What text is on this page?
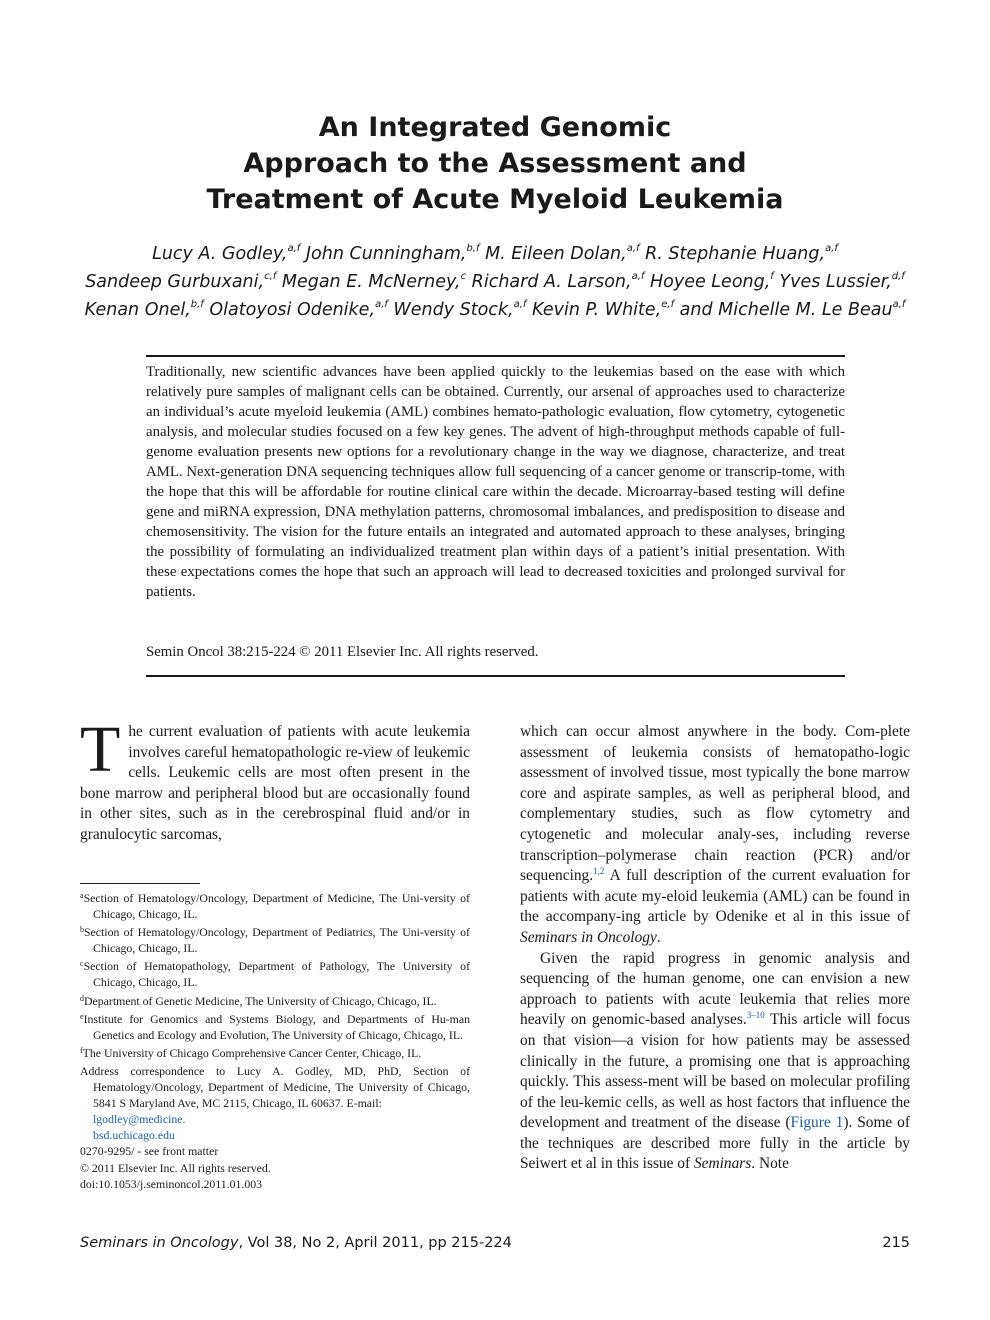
An Integrated Genomic
Approach to the Assessment and
Treatment of Acute Myeloid Leukemia
Lucy A. Godley,$^{a,f}$ John Cunningham,$^{b,f}$ M. Eileen Dolan,$^{a,f}$ R. Stephanie Huang,$^{a,f}$
Sandeep Gurbuxani,$^{c,f}$ Megan E. McNerney,$^c$ Richard A. Larson,$^{a,f}$ Hoyee Leong,$^f$ Yves Lussier,$^{d,f}$
Kenan Onel,$^{b,f}$ Olatoyosi Odenike,$^{a,f}$ Wendy Stock,$^{a,f}$ Kevin P. White,$^{e,f}$ and Michelle M. Le Beau$^{a,f}$
Traditionally, new scientific advances have been applied quickly to the leukemias based on the ease with which relatively pure samples of malignant cells can be obtained. Currently, our arsenal of approaches used to characterize an individual’s acute myeloid leukemia (AML) combines hemato-pathologic evaluation, flow cytometry, cytogenetic analysis, and molecular studies focused on a few key genes. The advent of high-throughput methods capable of full-genome evaluation presents new options for a revolutionary change in the way we diagnose, characterize, and treat AML. Next-generation DNA sequencing techniques allow full sequencing of a cancer genome or transcrip-tome, with the hope that this will be affordable for routine clinical care within the decade. Microarray-based testing will define gene and miRNA expression, DNA methylation patterns, chromosomal imbalances, and predisposition to disease and chemosensitivity. The vision for the future entails an integrated and automated approach to these analyses, bringing the possibility of formulating an individualized treatment plan within days of a patient’s initial presentation. With these expectations comes the hope that such an approach will lead to decreased toxicities and prolonged survival for patients.
Semin Oncol 38:215-224 © 2011 Elsevier Inc. All rights reserved.
The current evaluation of patients with acute leukemia involves careful hematopathologic re-view of leukemic cells. Leukemic cells are most often present in the bone marrow and peripheral blood but are occasionally found in other sites, such as in the cerebrospinal fluid and/or in granulocytic sarcomas,
$^a$Section of Hematology/Oncology, Department of Medicine, The Uni-versity of Chicago, Chicago, IL.
$^b$Section of Hematology/Oncology, Department of Pediatrics, The Uni-versity of Chicago, Chicago, IL.
$^c$Section of Hematopathology, Department of Pathology, The University of Chicago, Chicago, IL.
$^d$Department of Genetic Medicine, The University of Chicago, Chicago, IL.
$^e$Institute for Genomics and Systems Biology, and Departments of Hu-man Genetics and Ecology and Evolution, The University of Chicago, Chicago, IL.
$^f$The University of Chicago Comprehensive Cancer Center, Chicago, IL.
Address correspondence to Lucy A. Godley, MD, PhD, Section of Hematology/Oncology, Department of Medicine, The University of Chicago, 5841 S Maryland Ave, MC 2115, Chicago, IL 60637. E-mail:
lgodley@medicine.
bsd.uchicago.edu
0270-9295/ - see front matter
© 2011 Elsevier Inc. All rights reserved.
doi:10.1053/j.seminoncol.2011.01.003

which can occur almost anywhere in the body. Com-plete assessment of leukemia consists of hematopatho-logic assessment of involved tissue, most typically the bone marrow core and aspirate samples, as well as peripheral blood, and complementary studies, such as flow cytometry and cytogenetic and molecular analy-ses, including reverse transcription–polymerase chain reaction (PCR) and/or sequencing.$^{1,2}$ A full description of the current evaluation for patients with acute my-eloid leukemia (AML) can be found in the accompany-ing article by Odenike et al in this issue of Seminars in Oncology.

Given the rapid progress in genomic analysis and sequencing of the human genome, one can envision a new approach to patients with acute leukemia that relies more heavily on genomic-based analyses.$^{3-10}$ This article will focus on that vision—a vision for how patients may be assessed clinically in the future, a promising one that is approaching quickly. This assess-ment will be based on molecular profiling of the leu-kemic cells, as well as host factors that influence the development and treatment of the disease (Figure 1). Some of the techniques are described more fully in the article by Seiwert et al in this issue of Seminars. Note

Seminars in Oncology, Vol 38, No 2, April 2011, pp 215-224	215
